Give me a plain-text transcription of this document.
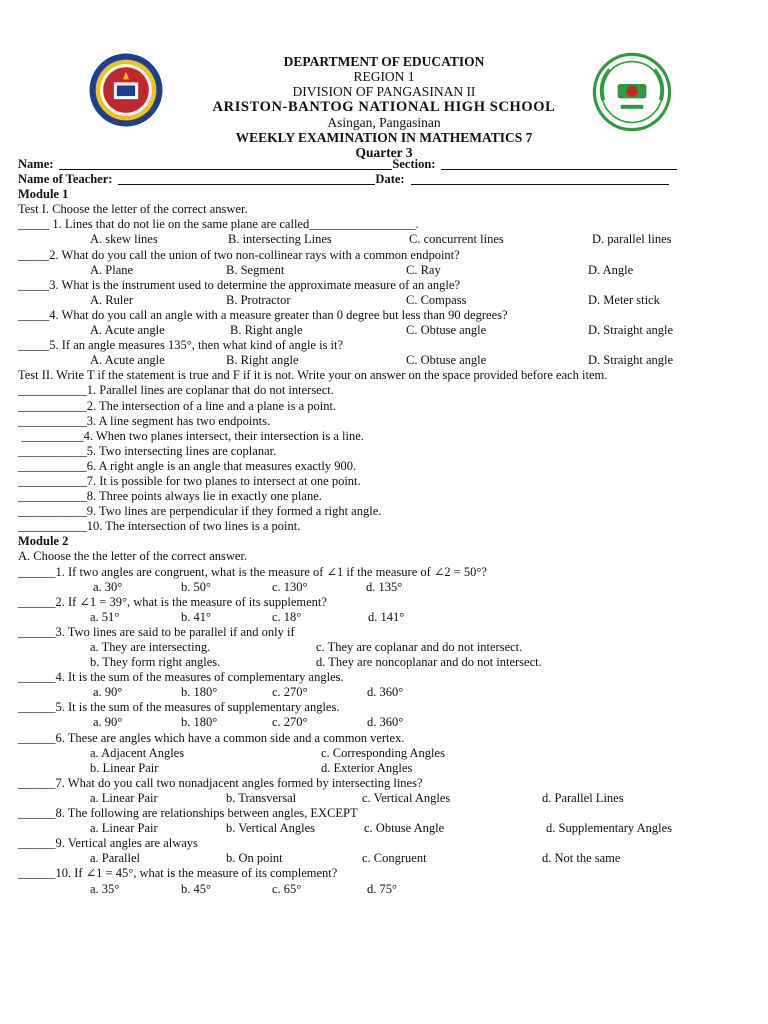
DEPARTMENT OF EDUCATION
REGION 1
DIVISION OF PANGASINAN II
ARISTON-BANTOG NATIONAL HIGH SCHOOL
Asingan, Pangasinan
WEEKLY EXAMINATION IN MATHEMATICS 7
Quarter 3
Name:	Section:
Name of Teacher:	Date:
Module 1
Test I. Choose the letter of the correct answer.
_____ 1. Lines that do not lie on the same plane are called_________________.
A. skew lines	B. intersecting Lines	C. concurrent lines	D. parallel lines
_____2. What do you call the union of two non-collinear rays with a common endpoint?
A. Plane	B. Segment	C. Ray	D. Angle
_____3. What is the instrument used to determine the approximate measure of an angle?
A. Ruler	B. Protractor	C. Compass	D. Meter stick
_____4. What do you call an angle with a measure greater than 0 degree but less than 90 degrees?
A. Acute angle	B. Right angle	C. Obtuse angle	D. Straight angle
_____5. If an angle measures 135°, then what kind of angle is it?
A. Acute angle	B. Right angle	C. Obtuse angle	D. Straight angle
Test II. Write T if the statement is true and F if it is not. Write your on answer on the space provided before each item.
___________1. Parallel lines are coplanar that do not intersect.
___________2. The intersection of a line and a plane is a point.
___________3. A line segment has two endpoints.
__________4. When two planes intersect, their intersection is a line.
___________5. Two intersecting lines are coplanar.
___________6. A right angle is an angle that measures exactly 900.
___________7. It is possible for two planes to intersect at one point.
___________8. Three points always lie in exactly one plane.
___________9. Two lines are perpendicular if they formed a right angle.
___________10. The intersection of two lines is a point.
Module 2
A. Choose the the letter of the correct answer.
______1. If two angles are congruent, what is the measure of ∠1 if the measure of ∠2 = 50°?
a. 30°	b. 50°	c. 130°	d. 135°
______2. If ∠1 = 39°, what is the measure of its supplement?
a. 51°	b. 41°	c. 18°	d. 141°
______3. Two lines are said to be parallel if and only if
a. They are intersecting.	c. They are coplanar and do not intersect.
b. They form right angles.	d. They are noncoplanar and do not intersect.
______4. It is the sum of the measures of complementary angles.
a. 90°	b. 180°	c. 270°	d. 360°
______5. It is the sum of the measures of supplementary angles.
a. 90°	b. 180°	c. 270°	d. 360°
______6. These are angles which have a common side and a common vertex.
a. Adjacent Angles	c. Corresponding Angles
b. Linear Pair	d. Exterior Angles
______7. What do you call two nonadjacent angles formed by intersecting lines?
a. Linear Pair	b. Transversal	c. Vertical Angles	d. Parallel Lines
______8. The following are relationships between angles, EXCEPT
a. Linear Pair	b. Vertical Angles	c. Obtuse Angle	d. Supplementary Angles
______9. Vertical angles are always
a. Parallel	b. On point	c. Congruent	d. Not the same
______10. If ∠1 = 45°, what is the measure of its complement?
a. 35°	b. 45°	c. 65°	d. 75°
